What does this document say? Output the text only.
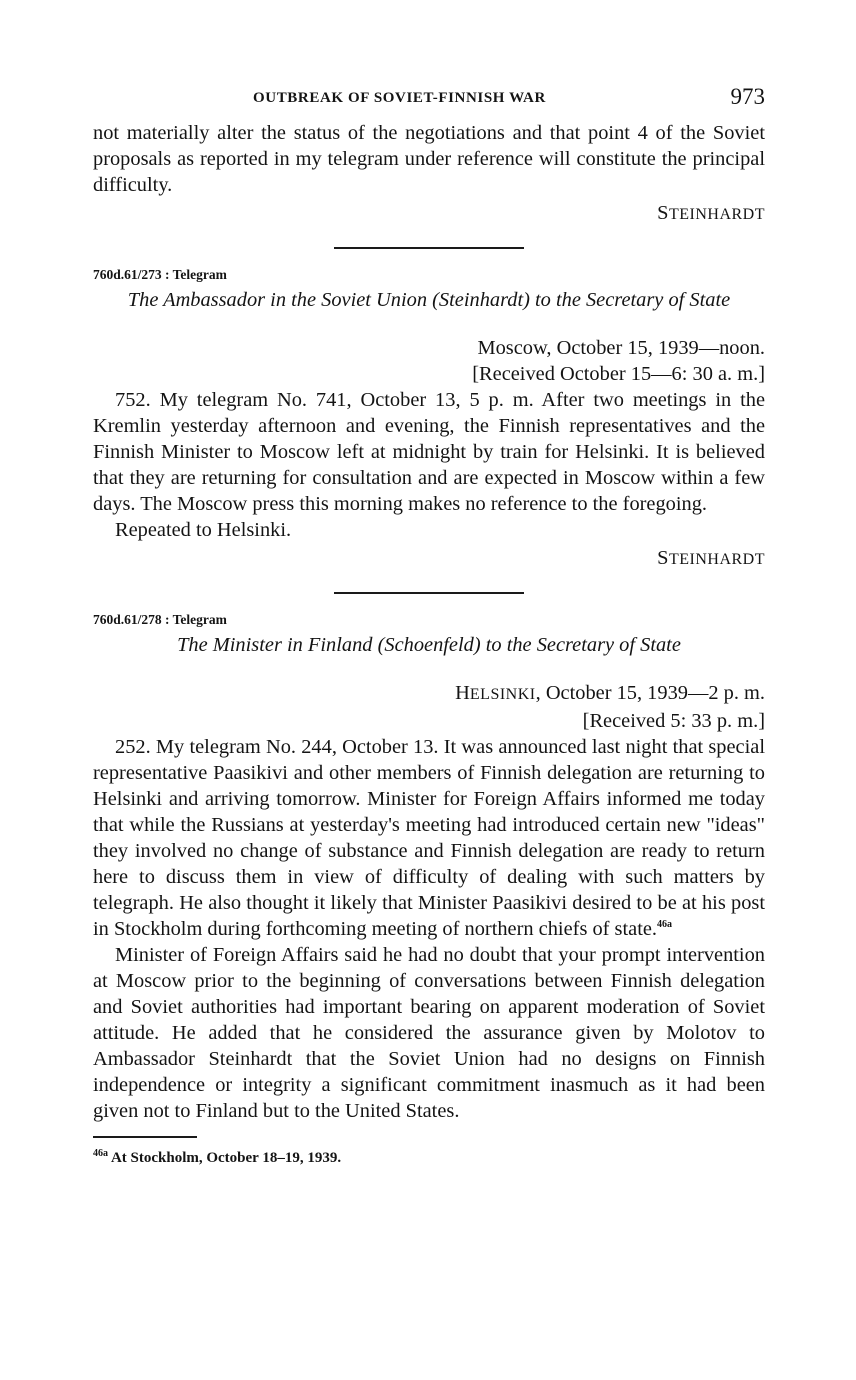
OUTBREAK OF SOVIET-FINNISH WAR	973

not materially alter the status of the negotiations and that point 4 of the Soviet proposals as reported in my telegram under reference will constitute the principal difficulty.

STEINHARDT
760d.61/273 : Telegram
The Ambassador in the Soviet Union (Steinhardt) to the Secretary of State
Moscow, October 15, 1939—noon.
[Received October 15—6: 30 a. m.]

752. My telegram No. 741, October 13, 5 p. m. After two meetings in the Kremlin yesterday afternoon and evening, the Finnish representatives and the Finnish Minister to Moscow left at midnight by train for Helsinki. It is believed that they are returning for consultation and are expected in Moscow within a few days. The Moscow press this morning makes no reference to the foregoing.

Repeated to Helsinki.

STEINHARDT
760d.61/278 : Telegram
The Minister in Finland (Schoenfeld) to the Secretary of State
HELSINKI, October 15, 1939—2 p. m.
[Received 5: 33 p. m.]

252. My telegram No. 244, October 13. It was announced last night that special representative Paasikivi and other members of Finnish delegation are returning to Helsinki and arriving tomorrow. Minister for Foreign Affairs informed me today that while the Russians at yesterday's meeting had introduced certain new "ideas" they involved no change of substance and Finnish delegation are ready to return here to discuss them in view of difficulty of dealing with such matters by telegraph. He also thought it likely that Minister Paasikivi desired to be at his post in Stockholm during forthcoming meeting of northern chiefs of state.$^{46a}$

Minister of Foreign Affairs said he had no doubt that your prompt intervention at Moscow prior to the beginning of conversations between Finnish delegation and Soviet authorities had important bearing on apparent moderation of Soviet attitude. He added that he considered the assurance given by Molotov to Ambassador Steinhardt that the Soviet Union had no designs on Finnish independence or integrity a significant commitment inasmuch as it had been given not to Finland but to the United States.

$^{46a}$ At Stockholm, October 18–19, 1939.
